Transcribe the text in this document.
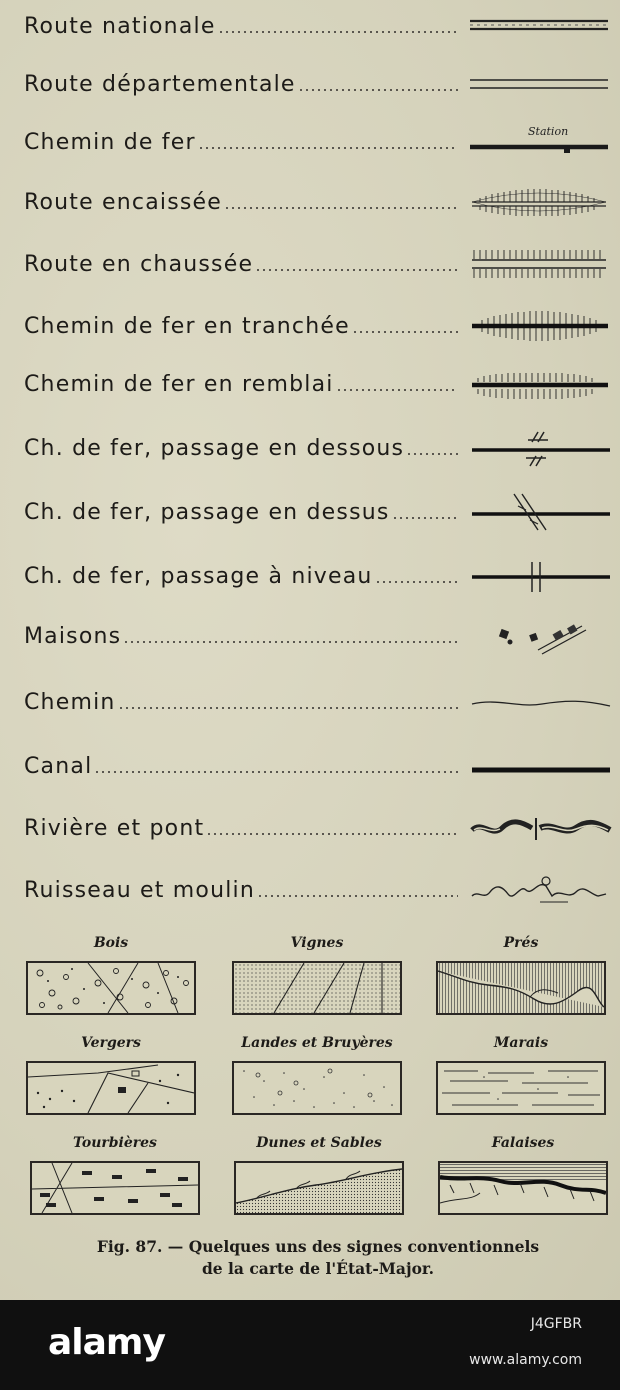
Route nationale
Route départementale
Chemin de fer	Station
Route encaissée
Route en chaussée
Chemin de fer en tranchée
Chemin de fer en remblai
Ch. de fer, passage en dessous
Ch. de fer, passage en dessus
Ch. de fer, passage à niveau
Maisons
Chemin
Canal
Rivière et pont
Ruisseau et moulin
Bois	Vignes	Prés
Vergers	Landes et Bruyères	Marais
Tourbières	Dunes et Sables	Falaises
Fig. 87. — Quelques uns des signes conventionnels
de la carte de l'État-Major.
alamy	J4GFBR
www.alamy.com
